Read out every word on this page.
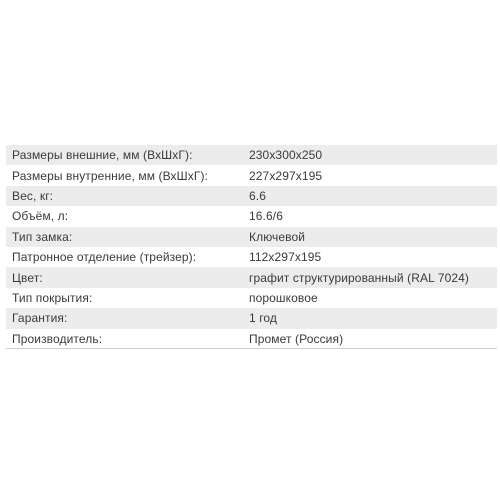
Размеры внешние, мм (ВхШхГ):	230х300х250
Размеры внутренние, мм (ВхШхГ):	227х297х195
Вес, кг:	6.6
Объём, л:	16.6/6
Тип замка:	Ключевой
Патронное отделение (трейзер):	112х297х195
Цвет:	графит структурированный (RAL 7024)
Тип покрытия:	порошковое
Гарантия:	1 год
Производитель:	Промет (Россия)
